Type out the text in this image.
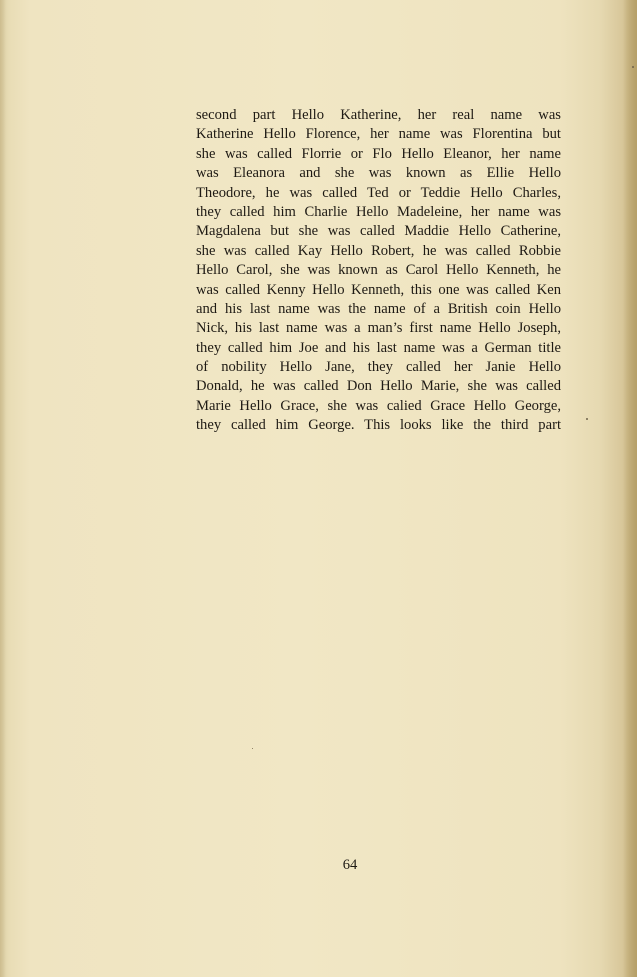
second part Hello Katherine, her real name was
Katherine Hello Florence, her name was Florentina but
she was called Florrie or Flo Hello Eleanor, her name
was Eleanora and she was known as Ellie Hello
Theodore, he was called Ted or Teddie Hello Charles,
they called him Charlie Hello Madeleine, her name was
Magdalena but she was called Maddie Hello Catherine,
she was called Kay Hello Robert, he was called Robbie
Hello Carol, she was known as Carol Hello Kenneth, he
was called Kenny Hello Kenneth, this one was called Ken
and his last name was the name of a British coin Hello
Nick, his last name was a man’s first name Hello Joseph,
they called him Joe and his last name was a German title
of nobility Hello Jane, they called her Janie Hello
Donald, he was called Don Hello Marie, she was called
Marie Hello Grace, she was calied Grace Hello George,
they called him George. This looks like the third part
64
